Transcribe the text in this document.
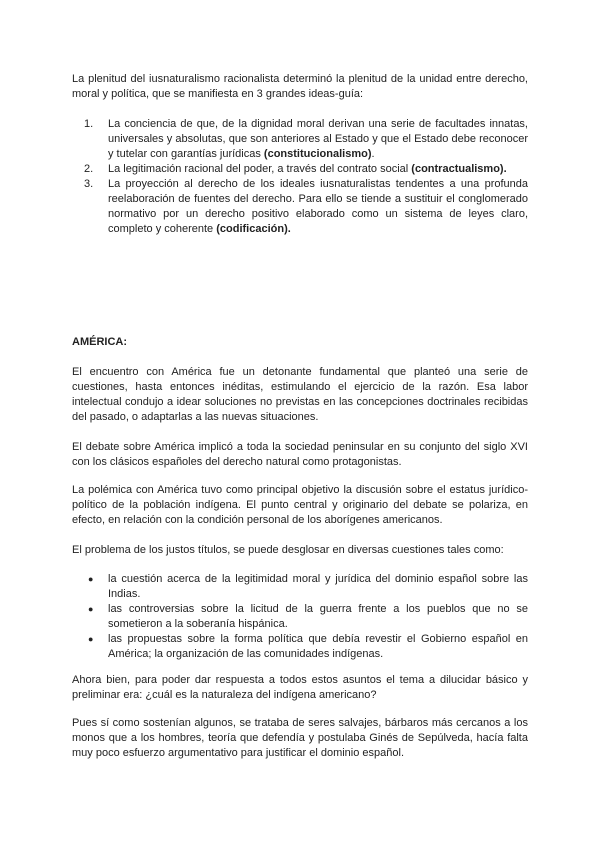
La plenitud del iusnaturalismo racionalista determinó la plenitud de la unidad entre derecho, moral y política, que se manifiesta en 3 grandes ideas-guía:

1. La conciencia de que, de la dignidad moral derivan una serie de facultades innatas, universales y absolutas, que son anteriores al Estado y que el Estado debe reconocer y tutelar con garantías jurídicas (constitucionalismo).
2. La legitimación racional del poder, a través del contrato social (contractualismo).
3. La proyección al derecho de los ideales iusnaturalistas tendentes a una profunda reelaboración de fuentes del derecho. Para ello se tiende a sustituir el conglomerado normativo por un derecho positivo elaborado como un sistema de leyes claro, completo y coherente (codificación).

AMÉRICA:

El encuentro con América fue un detonante fundamental que planteó una serie de cuestiones, hasta entonces inéditas, estimulando el ejercicio de la razón. Esa labor intelectual condujo a idear soluciones no previstas en las concepciones doctrinales recibidas del pasado, o adaptarlas a las nuevas situaciones.

El debate sobre América implicó a toda la sociedad peninsular en su conjunto del siglo XVI con los clásicos españoles del derecho natural como protagonistas.

La polémica con América tuvo como principal objetivo la discusión sobre el estatus jurídico-político de la población indígena. El punto central y originario del debate se polariza, en efecto, en relación con la condición personal de los aborígenes americanos.

El problema de los justos títulos, se puede desglosar en diversas cuestiones tales como:

● la cuestión acerca de la legitimidad moral y jurídica del dominio español sobre las Indias.
● las controversias sobre la licitud de la guerra frente a los pueblos que no se sometieron a la soberanía hispánica.
● las propuestas sobre la forma política que debía revestir el Gobierno español en América; la organización de las comunidades indígenas.

Ahora bien, para poder dar respuesta a todos estos asuntos el tema a dilucidar básico y preliminar era: ¿cuál es la naturaleza del indígena americano?

Pues sí como sostenían algunos, se trataba de seres salvajes, bárbaros más cercanos a los monos que a los hombres, teoría que defendía y postulaba Ginés de Sepúlveda, hacía falta muy poco esfuerzo argumentativo para justificar el dominio español.
